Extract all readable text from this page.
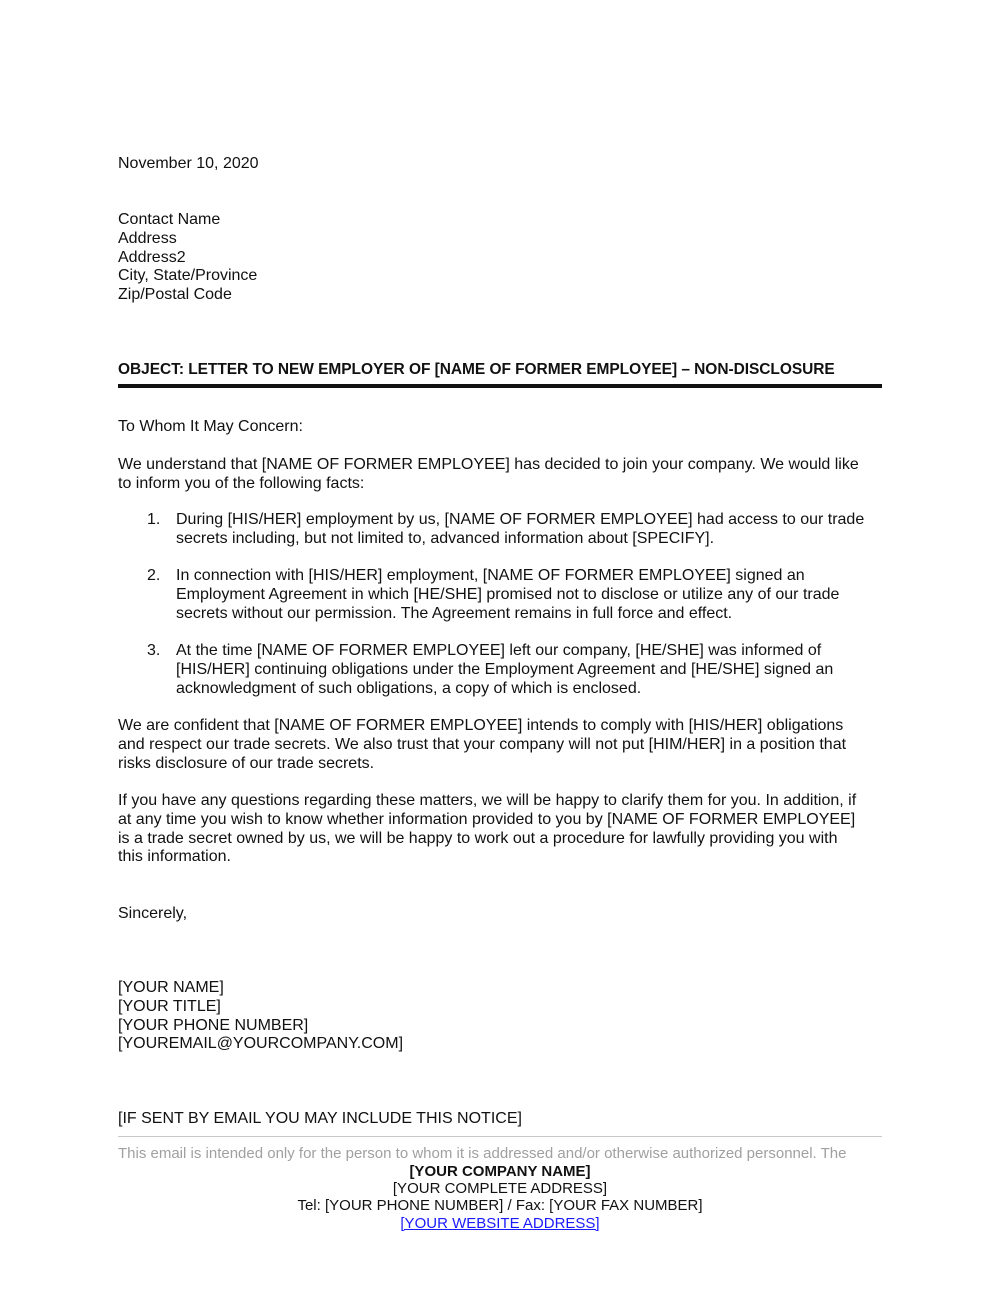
November 10, 2020
Contact Name
Address
Address2
City, State/Province
Zip/Postal Code
OBJECT: LETTER TO NEW EMPLOYER OF [NAME OF FORMER EMPLOYEE] – NON-DISCLOSURE
To Whom It May Concern:
We understand that [NAME OF FORMER EMPLOYEE] has decided to join your company. We would like
to inform you of the following facts:
1. During [HIS/HER] employment by us, [NAME OF FORMER EMPLOYEE] had access to our trade
secrets including, but not limited to, advanced information about [SPECIFY].
2. In connection with [HIS/HER] employment, [NAME OF FORMER EMPLOYEE] signed an
Employment Agreement in which [HE/SHE] promised not to disclose or utilize any of our trade
secrets without our permission. The Agreement remains in full force and effect.
3. At the time [NAME OF FORMER EMPLOYEE] left our company, [HE/SHE] was informed of
[HIS/HER] continuing obligations under the Employment Agreement and [HE/SHE] signed an
acknowledgment of such obligations, a copy of which is enclosed.
We are confident that [NAME OF FORMER EMPLOYEE] intends to comply with [HIS/HER] obligations
and respect our trade secrets. We also trust that your company will not put [HIM/HER] in a position that
risks disclosure of our trade secrets.
If you have any questions regarding these matters, we will be happy to clarify them for you. In addition, if
at any time you wish to know whether information provided to you by [NAME OF FORMER EMPLOYEE]
is a trade secret owned by us, we will be happy to work out a procedure for lawfully providing you with
this information.
Sincerely,
[YOUR NAME]
[YOUR TITLE]
[YOUR PHONE NUMBER]
[YOUREMAIL@YOURCOMPANY.COM]
[IF SENT BY EMAIL YOU MAY INCLUDE THIS NOTICE]
This email is intended only for the person to whom it is addressed and/or otherwise authorized personnel. The
[YOUR COMPANY NAME]
[YOUR COMPLETE ADDRESS]
Tel: [YOUR PHONE NUMBER] / Fax: [YOUR FAX NUMBER]
[YOUR WEBSITE ADDRESS]
